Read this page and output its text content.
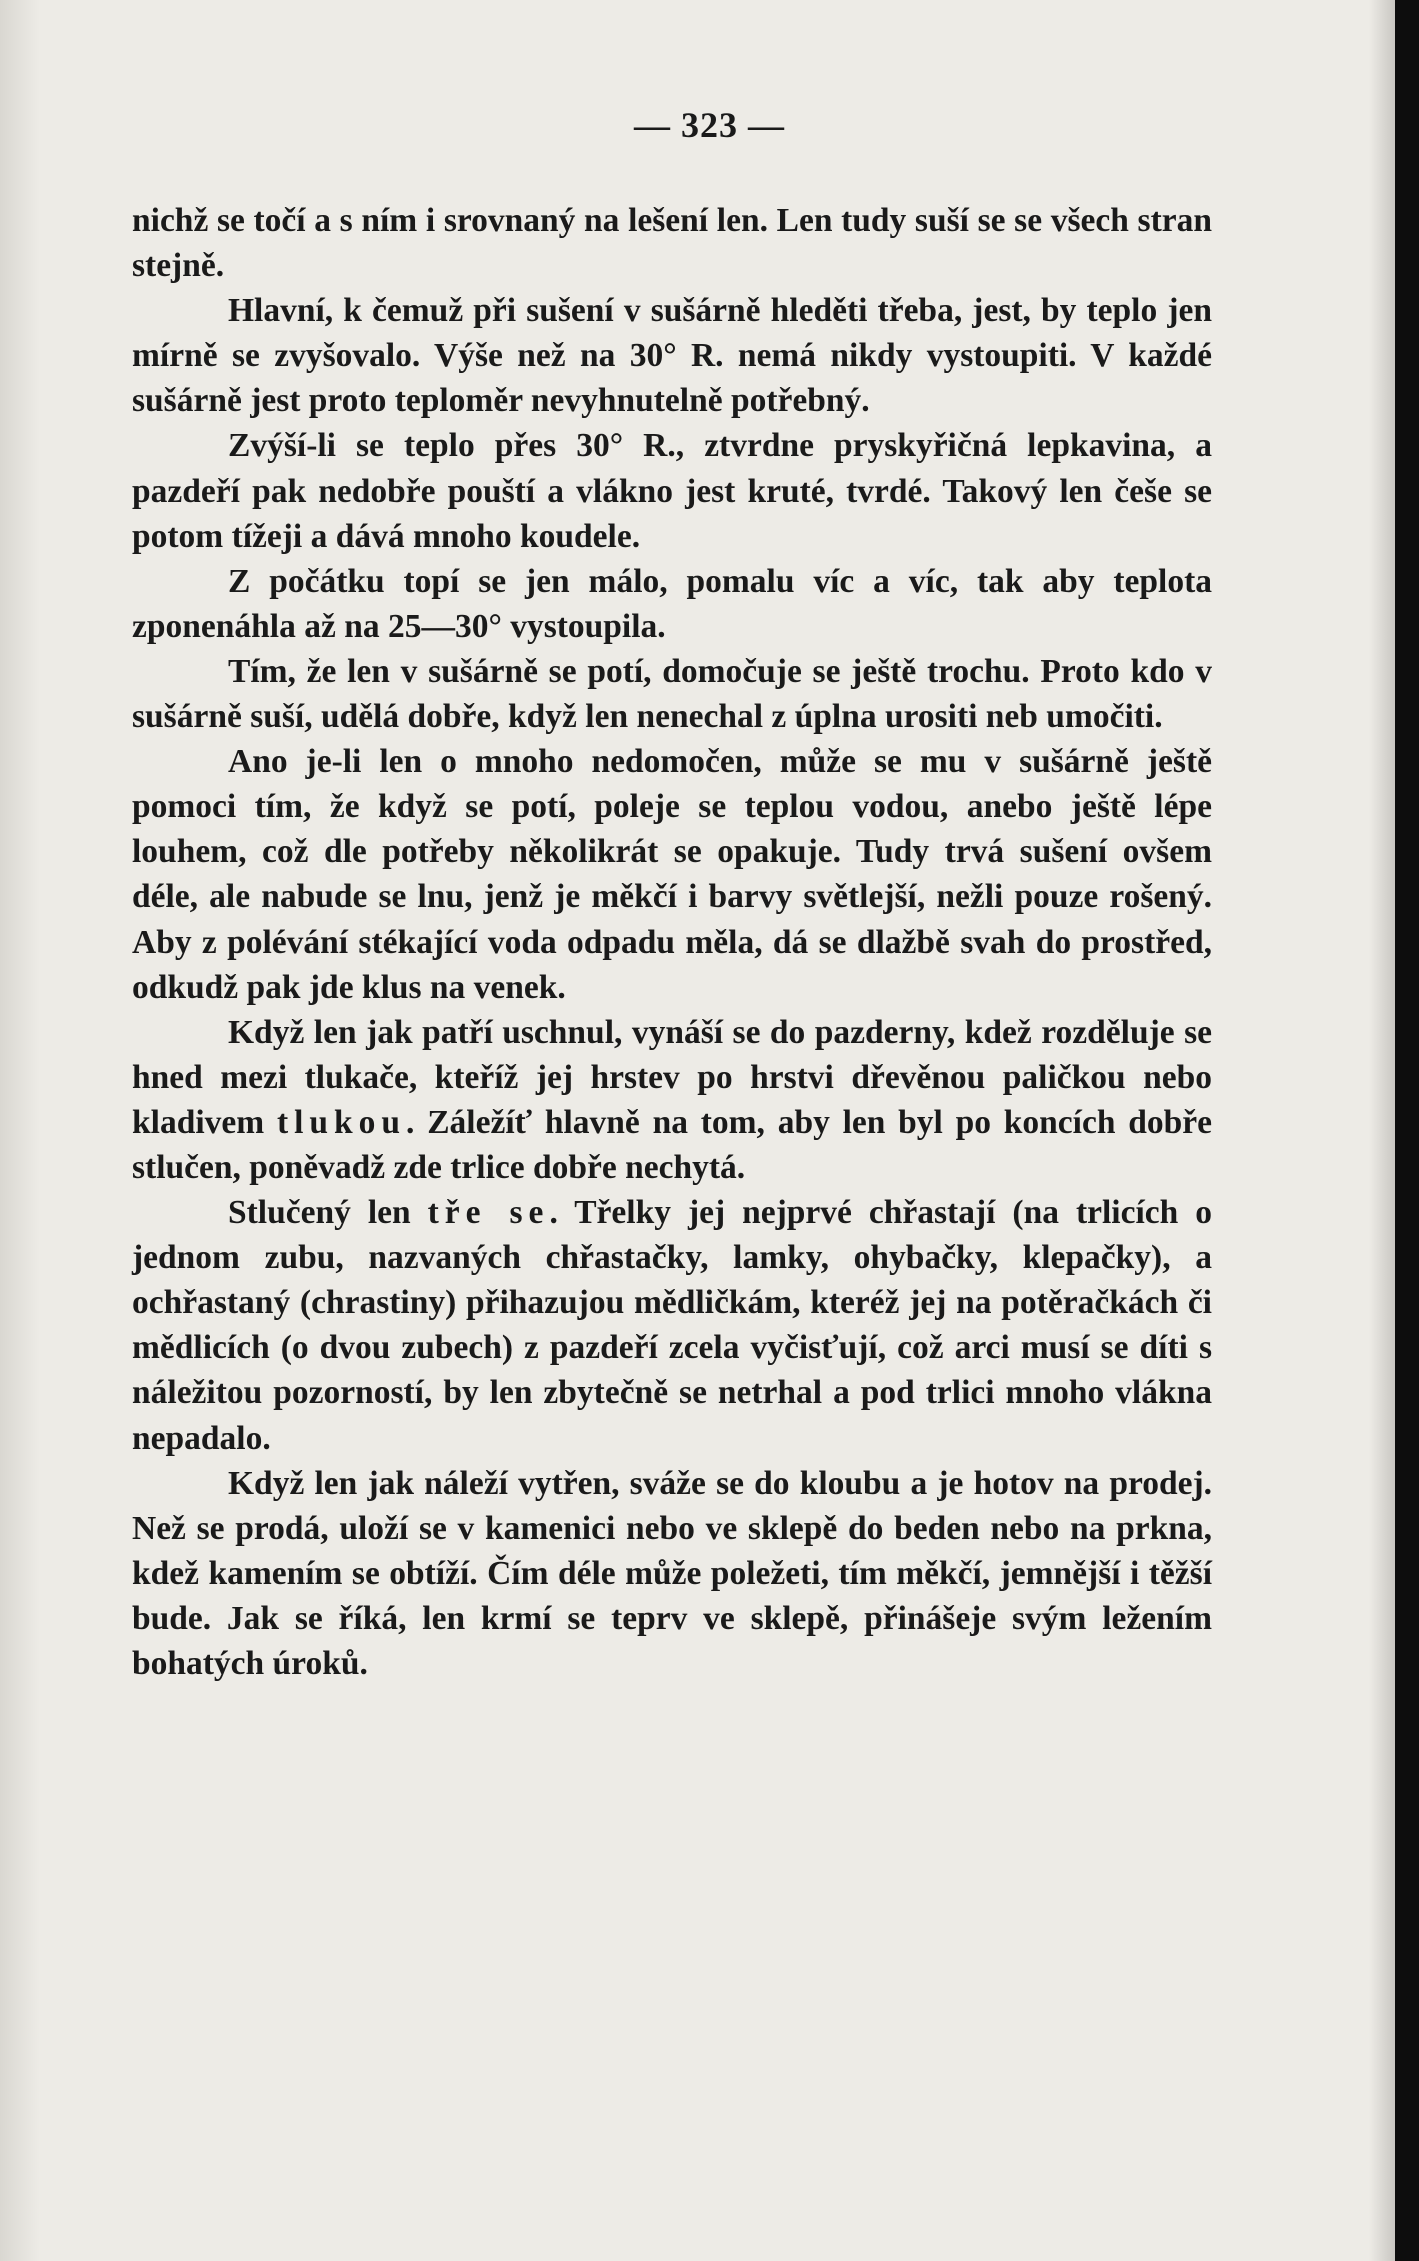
— 323 —

nichž se točí a s ním i srovnaný na lešení len. Len tudy suší se se všech stran stejně.

Hlavní, k čemuž při sušení v sušárně hleděti třeba, jest, by teplo jen mírně se zvyšovalo. Výše než na 30° R. nemá nikdy vystoupiti. V každé sušárně jest proto teploměr nevyhnutelně potřebný.

Zvýší-li se teplo přes 30° R., ztvrdne pryskyřičná lepkavina, a pazdeří pak nedobře pouští a vlákno jest kruté, tvrdé. Takový len češe se potom tížeji a dává mnoho koudele.

Z počátku topí se jen málo, pomalu víc a víc, tak aby teplota zponenáhla až na 25—30° vystoupila.

Tím, že len v sušárně se potí, domočuje se ještě trochu. Proto kdo v sušárně suší, udělá dobře, když len nenechal z úplna urositi neb umočiti.

Ano je-li len o mnoho nedomočen, může se mu v sušárně ještě pomoci tím, že když se potí, poleje se teplou vodou, anebo ještě lépe louhem, což dle potřeby několikrát se opakuje. Tudy trvá sušení ovšem déle, ale nabude se lnu, jenž je měkčí i barvy světlejší, nežli pouze rošený. Aby z polévání stékající voda odpadu měla, dá se dlažbě svah do prostřed, odkudž pak jde klus na venek.

Když len jak patří uschnul, vynáší se do pazderny, kdež rozděluje se hned mezi tlukače, kteříž jej hrstev po hrstvi dřevěnou paličkou nebo kladivem tlukou. Záležíť hlavně na tom, aby len byl po koncích dobře stlučen, poněvadž zde trlice dobře nechytá.

Stlučený len tře se. Třelky jej nejprvé chřastají (na trlicích o jednom zubu, nazvaných chřastačky, lamky, ohybačky, klepačky), a ochřastaný (chrastiny) přihazujou mědličkám, kteréž jej na potěračkách či mědlicích (o dvou zubech) z pazdeří zcela vyčisťují, což arci musí se díti s náležitou pozorností, by len zbytečně se netrhal a pod trlici mnoho vlákna nepadalo.

Když len jak náleží vytřen, sváže se do kloubu a je hotov na prodej. Než se prodá, uloží se v kamenici nebo ve sklepě do beden nebo na prkna, kdež kamením se obtíží. Čím déle může poležeti, tím měkčí, jemnější i těžší bude. Jak se říká, len krmí se teprv ve sklepě, přinášeje svým ležením bohatých úroků.
